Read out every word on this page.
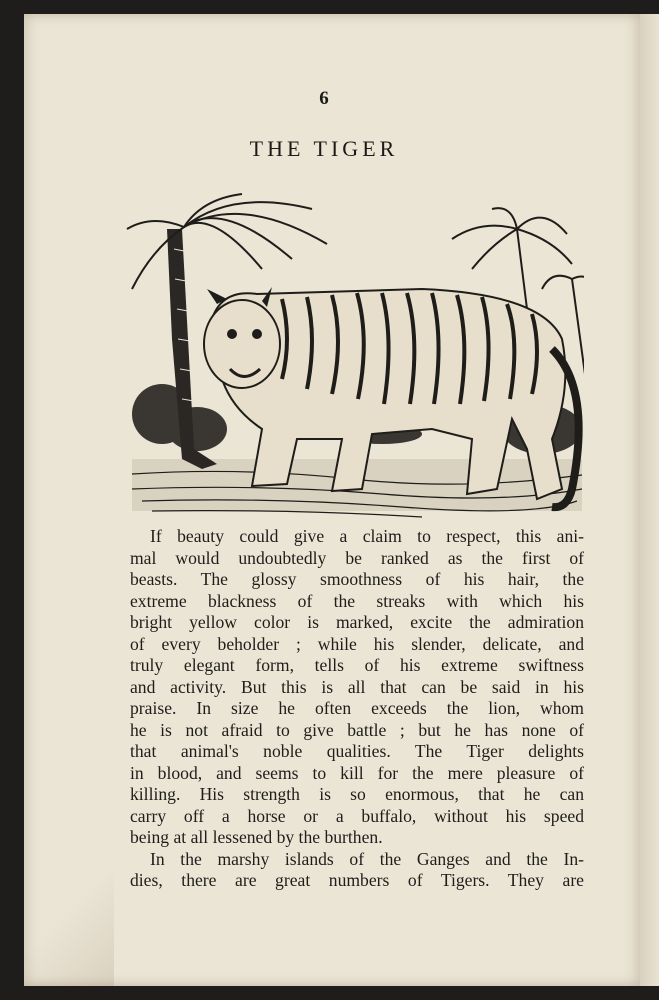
6
THE TIGER

If beauty could give a claim to respect, this ani-

mal would undoubtedly be ranked as the first of

beasts. The glossy smoothness of his hair, the

extreme blackness of the streaks with which his

bright yellow color is marked, excite the admiration

of every beholder ; while his slender, delicate, and

truly elegant form, tells of his extreme swiftness

and activity. But this is all that can be said in his

praise. In size he often exceeds the lion, whom

he is not afraid to give battle ; but he has none of

that animal's noble qualities. The Tiger delights

in blood, and seems to kill for the mere pleasure of

killing. His strength is so enormous, that he can

carry off a horse or a buffalo, without his speed

being at all lessened by the burthen.

In the marshy islands of the Ganges and the In-

dies, there are great numbers of Tigers. They are
